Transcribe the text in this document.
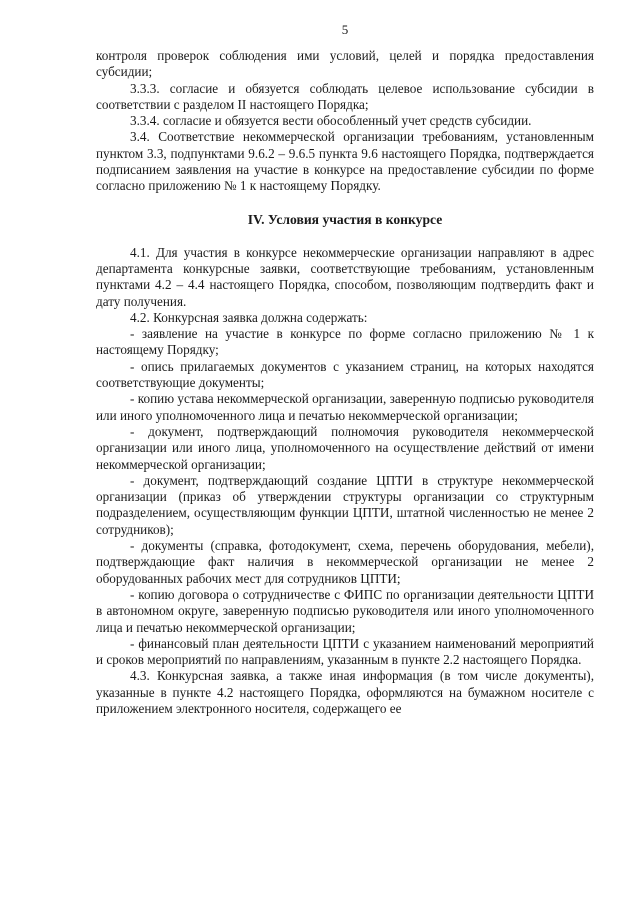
5

контроля проверок соблюдения ими условий, целей и порядка предоставления субсидии;

3.3.3. согласие и обязуется соблюдать целевое использование субсидии в соответствии с разделом II настоящего Порядка;

3.3.4. согласие и обязуется вести обособленный учет средств субсидии.

3.4. Соответствие некоммерческой организации требованиям, установленным пунктом 3.3, подпунктами 9.6.2 – 9.6.5 пункта 9.6 настоящего Порядка, подтверждается подписанием заявления на участие в конкурсе на предоставление субсидии по форме согласно приложению № 1 к настоящему Порядку.

IV. Условия участия в конкурсе

4.1. Для участия в конкурсе некоммерческие организации направляют в адрес департамента конкурсные заявки, соответствующие требованиям, установленным пунктами 4.2 – 4.4 настоящего Порядка, способом, позволяющим подтвердить факт и дату получения.

4.2. Конкурсная заявка должна содержать:

- заявление на участие в конкурсе по форме согласно приложению № 1 к настоящему Порядку;

- опись прилагаемых документов с указанием страниц, на которых находятся соответствующие документы;

- копию устава некоммерческой организации, заверенную подписью руководителя или иного уполномоченного лица и печатью некоммерческой организации;

- документ, подтверждающий полномочия руководителя некоммерческой организации или иного лица, уполномоченного на осуществление действий от имени некоммерческой организации;

- документ, подтверждающий создание ЦПТИ в структуре некоммерческой организации (приказ об утверждении структуры организации со структурным подразделением, осуществляющим функции ЦПТИ, штатной численностью не менее 2 сотрудников);

- документы (справка, фотодокумент, схема, перечень оборудования, мебели), подтверждающие факт наличия в некоммерческой организации не менее 2 оборудованных рабочих мест для сотрудников ЦПТИ;

- копию договора о сотрудничестве с ФИПС по организации деятельности ЦПТИ в автономном округе, заверенную подписью руководителя или иного уполномоченного лица и печатью некоммерческой организации;

- финансовый план деятельности ЦПТИ с указанием наименований мероприятий и сроков мероприятий по направлениям, указанным в пункте 2.2 настоящего Порядка.

4.3. Конкурсная заявка, а также иная информация (в том числе документы), указанные в пункте 4.2 настоящего Порядка, оформляются на бумажном носителе с приложением электронного носителя, содержащего ее
